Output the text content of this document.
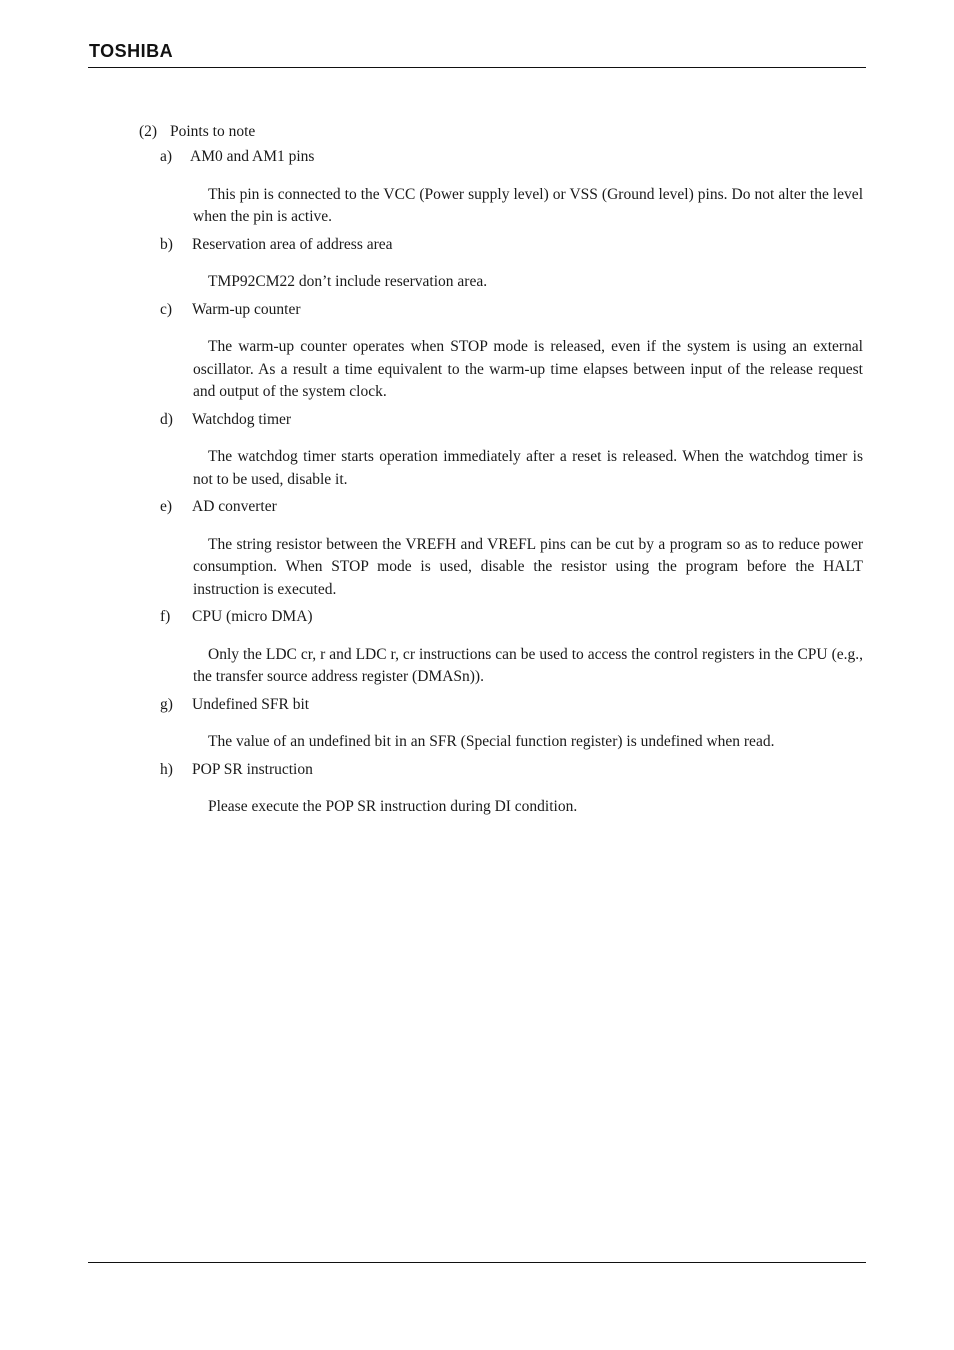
TOSHIBA
(2) Points to note
a) AM0 and AM1 pins

This pin is connected to the VCC (Power supply level) or VSS (Ground level) pins. Do not alter the level when the pin is active.

b) Reservation area of address area

TMP92CM22 don’t include reservation area.

c) Warm-up counter

The warm-up counter operates when STOP mode is released, even if the system is using an external oscillator. As a result a time equivalent to the warm-up time elapses between input of the release request and output of the system clock.

d) Watchdog timer

The watchdog timer starts operation immediately after a reset is released. When the watchdog timer is not to be used, disable it.

e) AD converter

The string resistor between the VREFH and VREFL pins can be cut by a program so as to reduce power consumption. When STOP mode is used, disable the resistor using the program before the HALT instruction is executed.

f) CPU (micro DMA)

Only the LDC cr, r and LDC r, cr instructions can be used to access the control registers in the CPU (e.g., the transfer source address register (DMASn)).

g) Undefined SFR bit

The value of an undefined bit in an SFR (Special function register) is undefined when read.

h) POP SR instruction

Please execute the POP SR instruction during DI condition.
